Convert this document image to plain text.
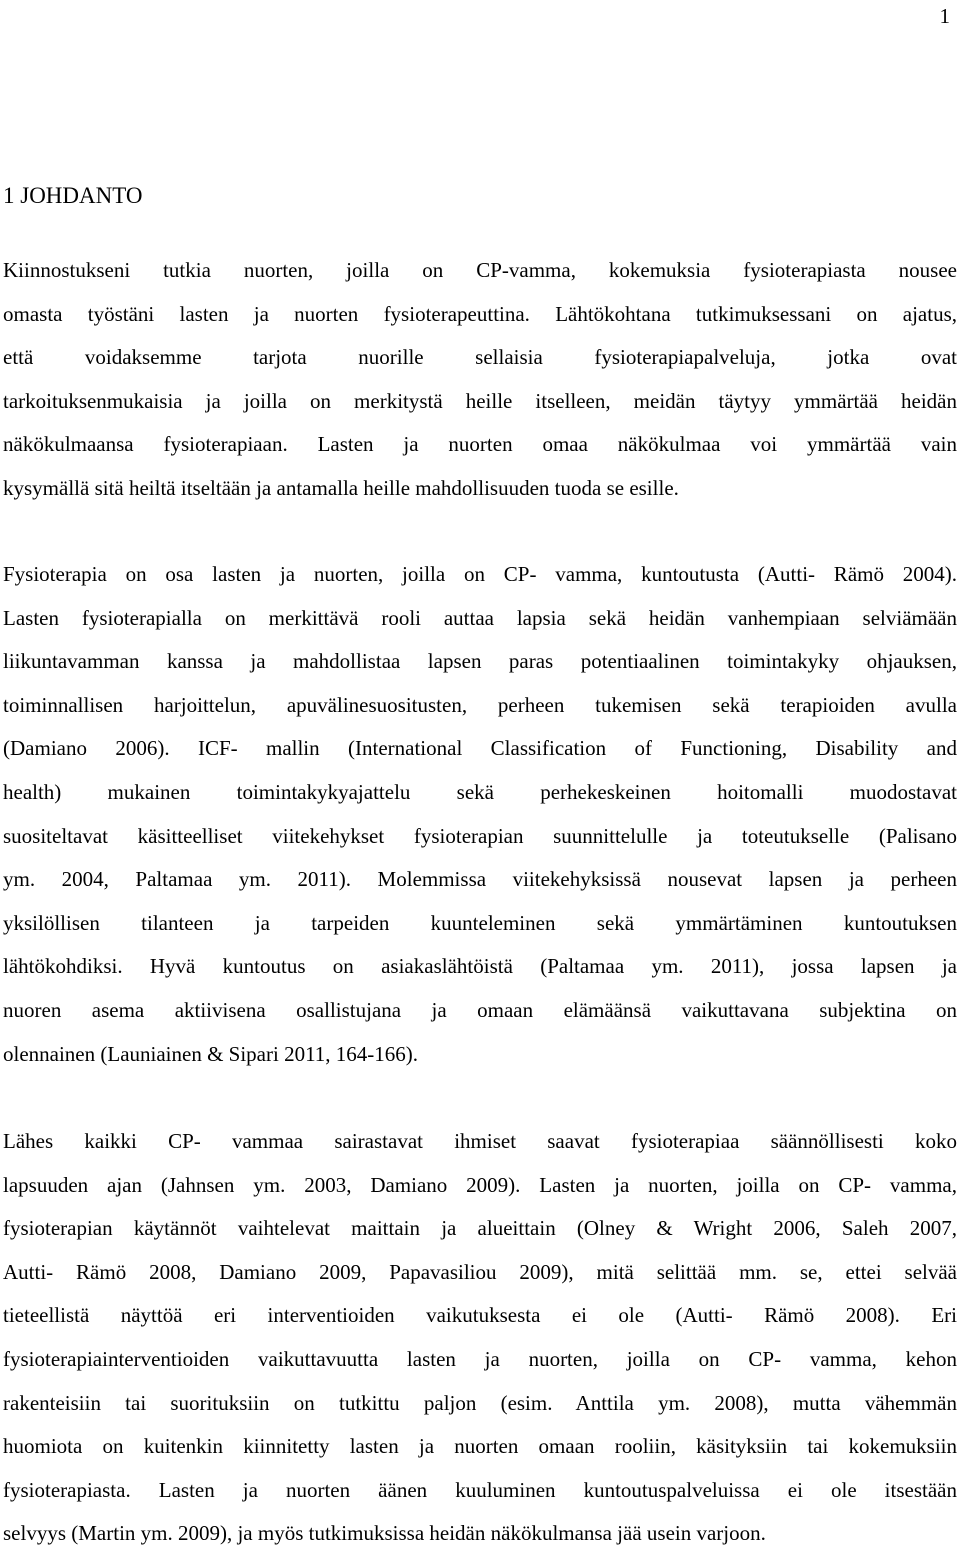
1
1 JOHDANTO
Kiinnostukseni tutkia nuorten, joilla on CP-vamma, kokemuksia fysioterapiasta nousee
omasta työstäni lasten ja nuorten fysioterapeuttina. Lähtökohtana tutkimuksessani on ajatus,
että voidaksemme tarjota nuorille sellaisia fysioterapiapalveluja, jotka ovat
tarkoituksenmukaisia ja joilla on merkitystä heille itselleen, meidän täytyy ymmärtää heidän
näkökulmaansa fysioterapiaan. Lasten ja nuorten omaa näkökulmaa voi ymmärtää vain
kysymällä sitä heiltä itseltään ja antamalla heille mahdollisuuden tuoda se esille.
Fysioterapia on osa lasten ja nuorten, joilla on CP- vamma, kuntoutusta (Autti- Rämö 2004).
Lasten fysioterapialla on merkittävä rooli auttaa lapsia sekä heidän vanhempiaan selviämään
liikuntavamman kanssa ja mahdollistaa lapsen paras potentiaalinen toimintakyky ohjauksen,
toiminnallisen harjoittelun, apuvälinesuositusten, perheen tukemisen sekä terapioiden avulla
(Damiano 2006). ICF- mallin (International Classification of Functioning, Disability and
health) mukainen toimintakykyajattelu sekä perhekeskeinen hoitomalli muodostavat
suositeltavat käsitteelliset viitekehykset fysioterapian suunnittelulle ja toteutukselle (Palisano
ym. 2004, Paltamaa ym. 2011). Molemmissa viitekehyksissä nousevat lapsen ja perheen
yksilöllisen tilanteen ja tarpeiden kuunteleminen sekä ymmärtäminen kuntoutuksen
lähtökohdiksi. Hyvä kuntoutus on asiakaslähtöistä (Paltamaa ym. 2011), jossa lapsen ja
nuoren asema aktiivisena osallistujana ja omaan elämäänsä vaikuttavana subjektina on
olennainen (Launiainen & Sipari 2011, 164-166).
Lähes kaikki CP- vammaa sairastavat ihmiset saavat fysioterapiaa säännöllisesti koko
lapsuuden ajan (Jahnsen ym. 2003, Damiano 2009). Lasten ja nuorten, joilla on CP- vamma,
fysioterapian käytännöt vaihtelevat maittain ja alueittain (Olney & Wright 2006, Saleh 2007,
Autti- Rämö 2008, Damiano 2009, Papavasiliou 2009), mitä selittää mm. se, ettei selvää
tieteellistä näyttöä eri interventioiden vaikutuksesta ei ole (Autti- Rämö 2008). Eri
fysioterapiainterventioiden vaikuttavuutta lasten ja nuorten, joilla on CP- vamma, kehon
rakenteisiin tai suorituksiin on tutkittu paljon (esim. Anttila ym. 2008), mutta vähemmän
huomiota on kuitenkin kiinnitetty lasten ja nuorten omaan rooliin, käsityksiin tai kokemuksiin
fysioterapiasta. Lasten ja nuorten äänen kuuluminen kuntoutuspalveluissa ei ole itsestään
selvyys (Martin ym. 2009), ja myös tutkimuksissa heidän näkökulmansa jää usein varjoon.
